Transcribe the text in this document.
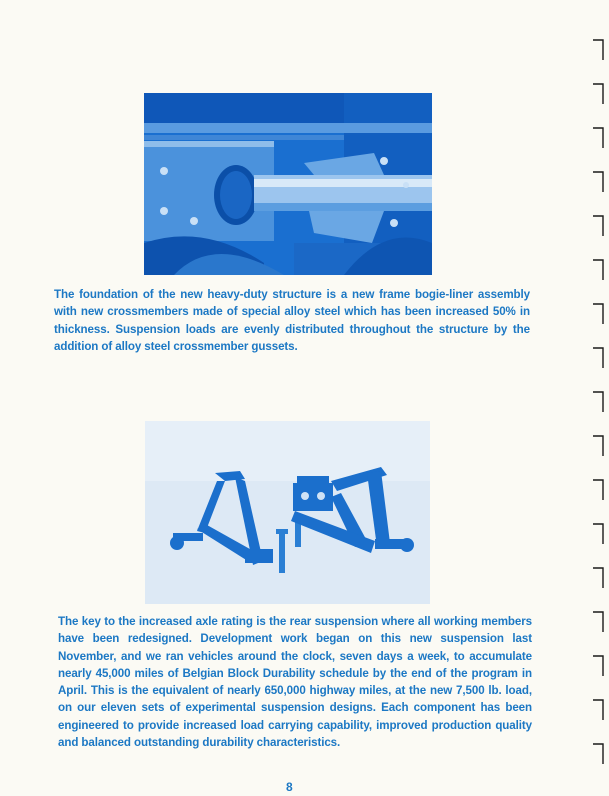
The foundation of the new heavy-duty structure is a new frame bogie-liner assembly with new crossmembers made of special alloy steel which has been increased 50% in thickness. Suspension loads are evenly distributed throughout the structure by the addition of alloy steel crossmember gussets.

The key to the increased axle rating is the rear suspension where all working members have been redesigned. Development work began on this new suspension last November, and we ran vehicles around the clock, seven days a week, to accumulate nearly 45,000 miles of Belgian Block Durability schedule by the end of the program in April. This is the equivalent of nearly 650,000 highway miles, at the new 7,500 lb. load, on our eleven sets of experimental suspension designs. Each component has been engineered to provide increased load carrying capability, improved production quality and balanced outstanding durability characteristics.

8
